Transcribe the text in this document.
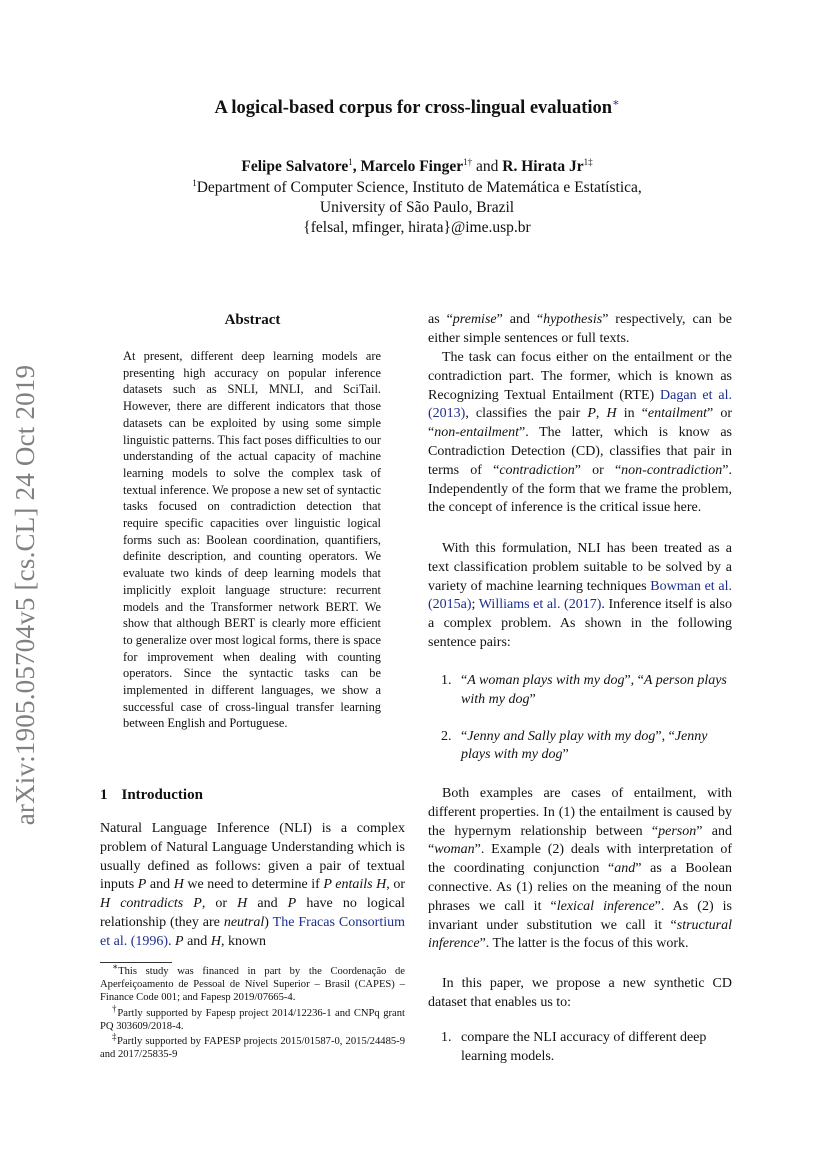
arXiv:1905.05704v5 [cs.CL] 24 Oct 2019
A logical-based corpus for cross-lingual evaluation∗
Felipe Salvatore$^1$, Marcelo Finger$^{1\dagger}$ and R. Hirata $Jr^{1\ddagger}$
$^1$Department of Computer Science, Instituto de Matemática e Estatística,
University of São Paulo, Brazil
{felsal, mfinger, hirata}@ime.usp.br
Abstract
At present, different deep learning models are presenting high accuracy on popular inference datasets such as SNLI, MNLI, and SciTail. However, there are different indicators that those datasets can be exploited by using some simple linguistic patterns. This fact poses difficulties to our understanding of the actual capacity of machine learning models to solve the complex task of textual inference. We propose a new set of syntactic tasks focused on contradiction detection that require specific capacities over linguistic logical forms such as: Boolean coordination, quantifiers, definite description, and counting operators. We evaluate two kinds of deep learning models that implicitly exploit language structure: recurrent models and the Transformer network BERT. We show that although BERT is clearly more efficient to generalize over most logical forms, there is space for improvement when dealing with counting operators. Since the syntactic tasks can be implemented in different languages, we show a successful case of cross-lingual transfer learning between English and Portuguese.
1 Introduction
Natural Language Inference (NLI) is a complex problem of Natural Language Understanding which is usually defined as follows: given a pair of textual inputs P and H we need to determine if P entails H, or H contradicts P, or H and P have no logical relationship (they are neutral) The Fracas Consortium et al. (1996). P and H, known
∗This study was financed in part by the Coordenação de Aperfeiçoamento de Pessoal de Nível Superior – Brasil (CAPES) – Finance Code 001; and Fapesp 2019/07665-4.
†Partly supported by Fapesp project 2014/12236-1 and CNPq grant PQ 303609/2018-4.
‡Partly supported by FAPESP projects 2015/01587-0, 2015/24485-9 and 2017/25835-9
as “premise” and “hypothesis” respectively, can be either simple sentences or full texts.
The task can focus either on the entailment or the contradiction part. The former, which is known as Recognizing Textual Entailment (RTE) Dagan et al. (2013), classifies the pair P, H in “entailment” or “non-entailment”. The latter, which is know as Contradiction Detection (CD), classifies that pair in terms of “contradiction” or “non-contradiction”. Independently of the form that we frame the problem, the concept of inference is the critical issue here.
With this formulation, NLI has been treated as a text classification problem suitable to be solved by a variety of machine learning techniques Bowman et al. (2015a); Williams et al. (2017). Inference itself is also a complex problem. As shown in the following sentence pairs:
1. “A woman plays with my dog”, “A person plays with my dog”
2. “Jenny and Sally play with my dog”, “Jenny plays with my dog”
Both examples are cases of entailment, with different properties. In (1) the entailment is caused by the hypernym relationship between “person” and “woman”. Example (2) deals with interpretation of the coordinating conjunction “and” as a Boolean connective. As (1) relies on the meaning of the noun phrases we call it “lexical inference”. As (2) is invariant under substitution we call it “structural inference”. The latter is the focus of this work.
In this paper, we propose a new synthetic CD dataset that enables us to:
1. compare the NLI accuracy of different deep learning models.
